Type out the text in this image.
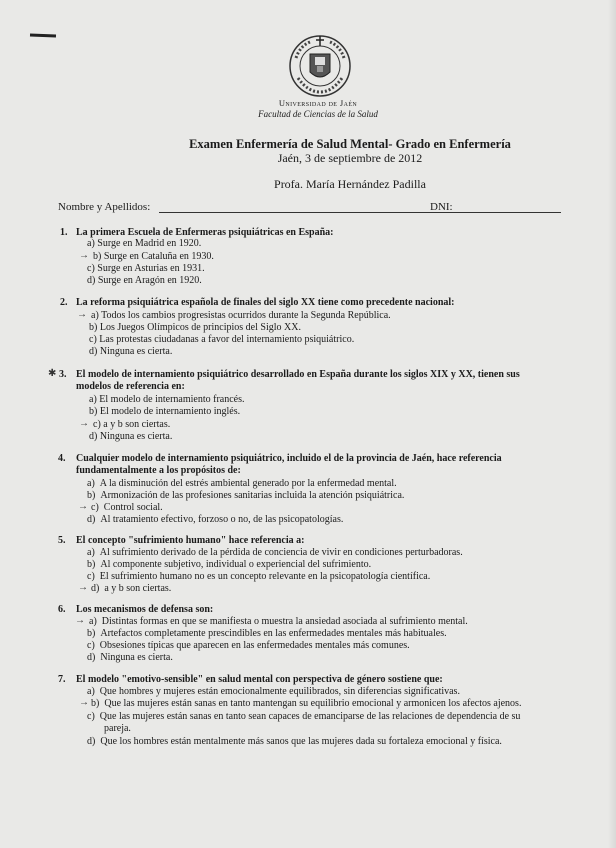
Universidad de Jaén
Facultad de Ciencias de la Salud
Examen Enfermería de Salud Mental- Grado en Enfermería
Jaén, 3 de septiembre de 2012
Profa. María Hernández Padilla
Nombre y Apellidos:	DNI:
1. La primera Escuela de Enfermeras psiquiátricas en España:
a) Surge en Madrid en 1920.
→ b) Surge en Cataluña en 1930.
c) Surge en Asturias en 1931.
d) Surge en Aragón en 1920.
2. La reforma psiquiátrica española de finales del siglo XX tiene como precedente nacional:
→ a) Todos los cambios progresistas ocurridos durante la Segunda República.
b) Los Juegos Olímpicos de principios del Siglo XX.
c) Las protestas ciudadanas a favor del internamiento psiquiátrico.
d) Ninguna es cierta.
✱ 3. El modelo de internamiento psiquiátrico desarrollado en España durante los siglos XIX y XX, tienen sus
modelos de referencia en:
a) El modelo de internamiento francés.
b) El modelo de internamiento inglés.
→ c) a y b son ciertas.
d) Ninguna es cierta.
4. Cualquier modelo de internamiento psiquiátrico, incluido el de la provincia de Jaén, hace referencia
fundamentalmente a los propósitos de:
a) A la disminución del estrés ambiental generado por la enfermedad mental.
b) Armonización de las profesiones sanitarias incluida la atención psiquiátrica.
→ c) Control social.
d) Al tratamiento efectivo, forzoso o no, de las psicopatologías.
5. El concepto "sufrimiento humano" hace referencia a:
a) Al sufrimiento derivado de la pérdida de conciencia de vivir en condiciones perturbadoras.
b) Al componente subjetivo, individual o experiencial del sufrimiento.
c) El sufrimiento humano no es un concepto relevante en la psicopatología científica.
→ d) a y b son ciertas.
6. Los mecanismos de defensa son:
→ a) Distintas formas en que se manifiesta o muestra la ansiedad asociada al sufrimiento mental.
b) Artefactos completamente prescindibles en las enfermedades mentales más habituales.
c) Obsesiones típicas que aparecen en las enfermedades mentales más comunes.
d) Ninguna es cierta.
7. El modelo "emotivo-sensible" en salud mental con perspectiva de género sostiene que:
a) Que hombres y mujeres están emocionalmente equilibrados, sin diferencias significativas.
→ b) Que las mujeres están sanas en tanto mantengan su equilibrio emocional y armonicen los afectos ajenos.
c) Que las mujeres están sanas en tanto sean capaces de emanciparse de las relaciones de dependencia de su
pareja.
d) Que los hombres están mentalmente más sanos que las mujeres dada su fortaleza emocional y física.
